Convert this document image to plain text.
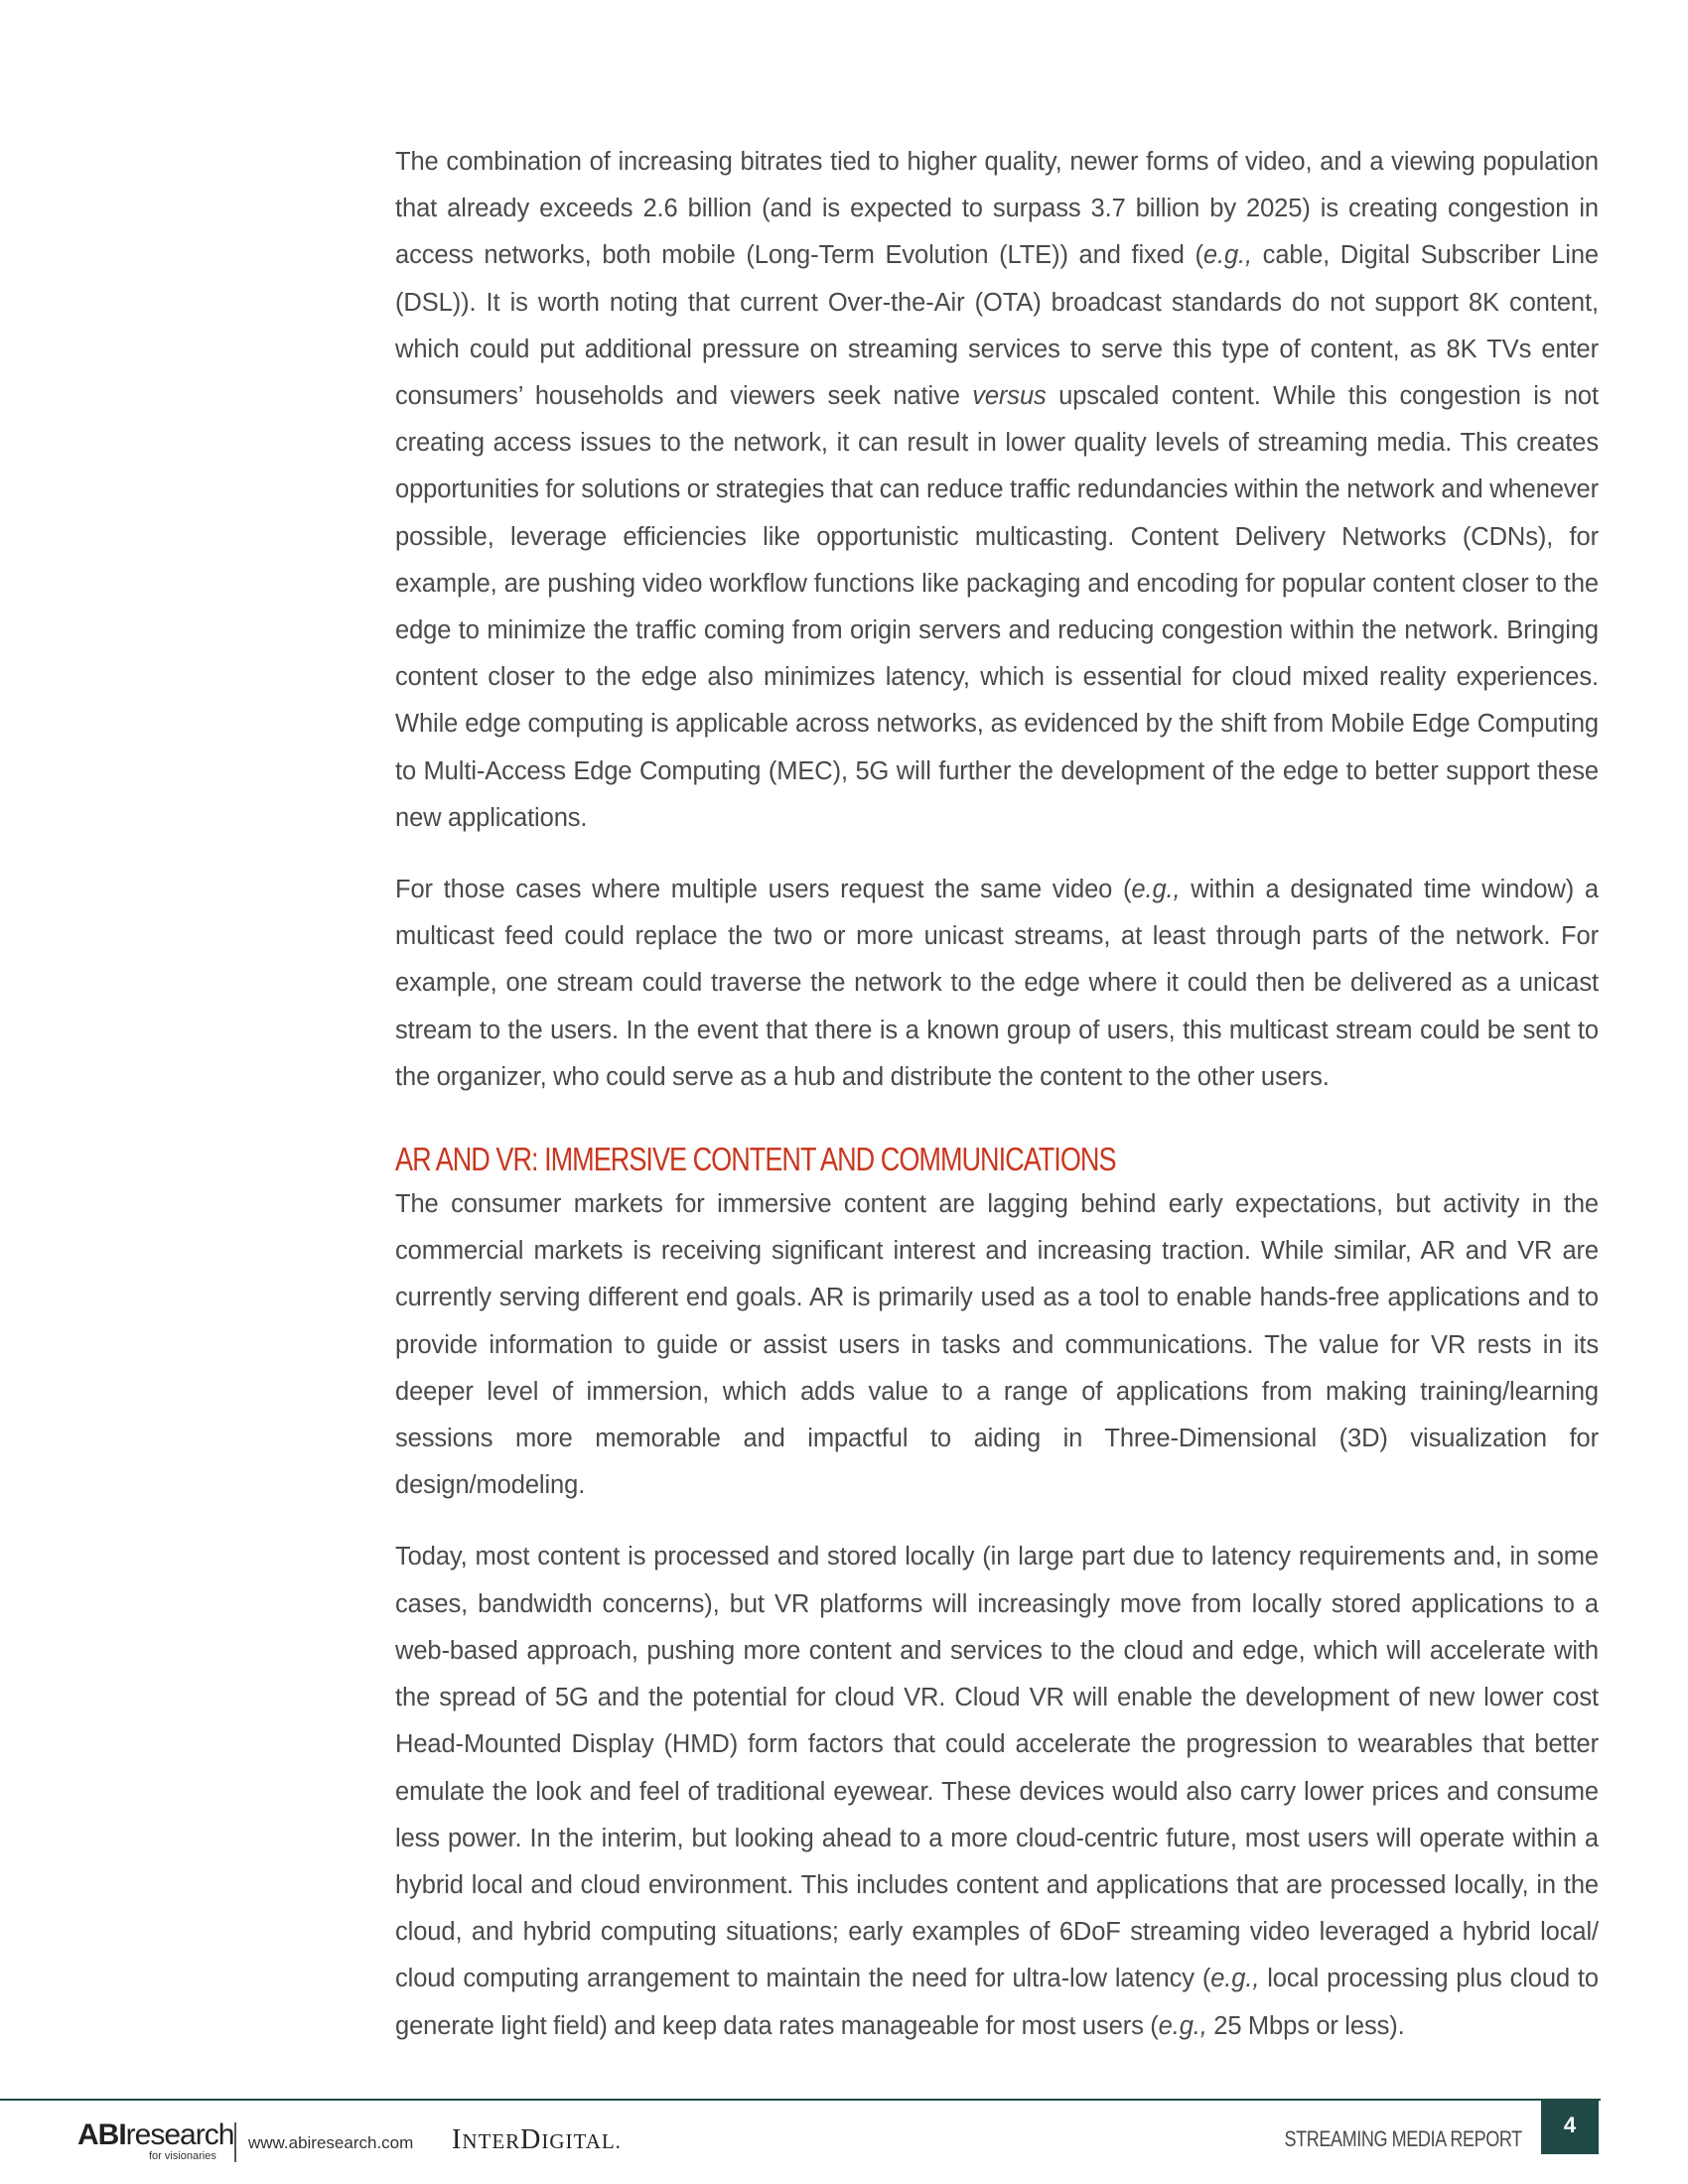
The combination of increasing bitrates tied to higher quality, newer forms of video, and a viewing population that already exceeds 2.6 billion (and is expected to surpass 3.7 billion by 2025) is creating congestion in access networks, both mobile (Long-Term Evolution (LTE)) and fixed (e.g., cable, Digital Subscriber Line (DSL)). It is worth noting that current Over-the-Air (OTA) broadcast standards do not support 8K content, which could put additional pressure on streaming services to serve this type of content, as 8K TVs enter consumers’ households and viewers seek native versus upscaled content. While this congestion is not creating access issues to the network, it can result in lower quality levels of streaming media. This creates opportunities for solutions or strategies that can reduce traffic redundancies within the network and whenever possible, leverage efficiencies like opportunistic multicasting. Content Delivery Networks (CDNs), for example, are pushing video workflow functions like packaging and encoding for popular content closer to the edge to minimize the traffic coming from origin servers and reducing congestion within the network. Bringing content closer to the edge also minimizes latency, which is essential for cloud mixed reality experiences. While edge computing is applicable across networks, as evidenced by the shift from Mobile Edge Computing to Multi-Access Edge Computing (MEC), 5G will further the development of the edge to better support these new applications.

For those cases where multiple users request the same video (e.g., within a designated time window) a multicast feed could replace the two or more unicast streams, at least through parts of the network. For example, one stream could traverse the network to the edge where it could then be delivered as a unicast stream to the users. In the event that there is a known group of users, this multicast stream could be sent to the organizer, who could serve as a hub and distribute the content to the other users.

AR AND VR: IMMERSIVE CONTENT AND COMMUNICATIONS

The consumer markets for immersive content are lagging behind early expectations, but activity in the commercial markets is receiving significant interest and increasing traction. While similar, AR and VR are currently serving different end goals. AR is primarily used as a tool to enable hands-free applications and to provide information to guide or assist users in tasks and communications. The value for VR rests in its deeper level of immersion, which adds value to a range of applications from making training/learning sessions more memorable and impactful to aiding in Three-Dimensional (3D) visualization for design/modeling.

Today, most content is processed and stored locally (in large part due to latency requirements and, in some cases, bandwidth concerns), but VR platforms will increasingly move from locally stored applications to a web-based approach, pushing more content and services to the cloud and edge, which will accelerate with the spread of 5G and the potential for cloud VR. Cloud VR will enable the development of new lower cost Head-Mounted Display (HMD) form factors that could accelerate the progression to wearables that better emulate the look and feel of traditional eyewear. These devices would also carry lower prices and consume less power. In the interim, but looking ahead to a more cloud-centric future, most users will operate within a hybrid local and cloud environment. This includes content and applications that are processed locally, in the cloud, and hybrid computing situations; early examples of 6DoF streaming video leveraged a hybrid local/ cloud computing arrangement to maintain the need for ultra-low latency (e.g., local processing plus cloud to generate light field) and keep data rates manageable for most users (e.g., 25 Mbps or less).

ABIresearch
for visionaries
www.abiresearch.com INTERDIGITAL.	STREAMING MEDIA REPORT
4
